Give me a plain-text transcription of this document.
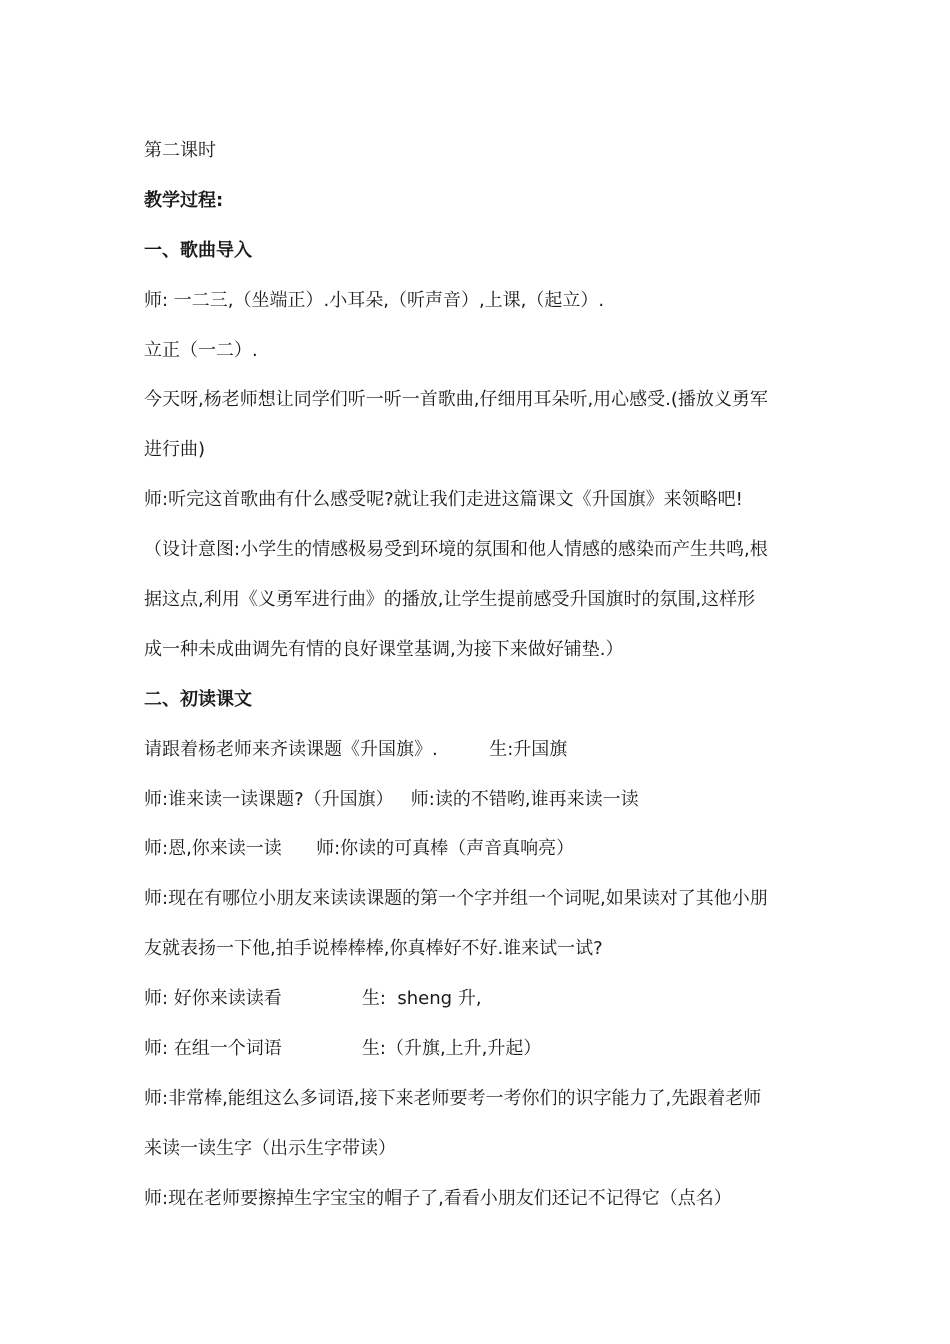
第二课时
教学过程:
一、歌曲导入
师: 一二三,（坐端正）.小耳朵,（听声音）,上课,（起立）.
立正（一二）.
今天呀,杨老师想让同学们听一听一首歌曲,仔细用耳朵听,用心感受.(播放义勇军
进行曲)
师:听完这首歌曲有什么感受呢?就让我们走进这篇课文《升国旗》来领略吧!
（设计意图:小学生的情感极易受到环境的氛围和他人情感的感染而产生共鸣,根
据这点,利用《义勇军进行曲》的播放,让学生提前感受升国旗时的氛围,这样形
成一种未成曲调先有情的良好课堂基调,为接下来做好铺垫.）
二、初读课文
请跟着杨老师来齐读课题《升国旗》.         生:升国旗
师:谁来读一读课题?（升国旗）   师:读的不错哟,谁再来读一读
师:恩,你来读一读      师:你读的可真棒（声音真响亮）
师:现在有哪位小朋友来读读课题的第一个字并组一个词呢,如果读对了其他小朋
友就表扬一下他,拍手说棒棒棒,你真棒好不好.谁来试一试?
师: 好你来读读看              生:  sheng 升,
师: 在组一个词语              生:（升旗,上升,升起）
师:非常棒,能组这么多词语,接下来老师要考一考你们的识字能力了,先跟着老师
来读一读生字（出示生字带读）
师:现在老师要擦掉生字宝宝的帽子了,看看小朋友们还记不记得它（点名）
